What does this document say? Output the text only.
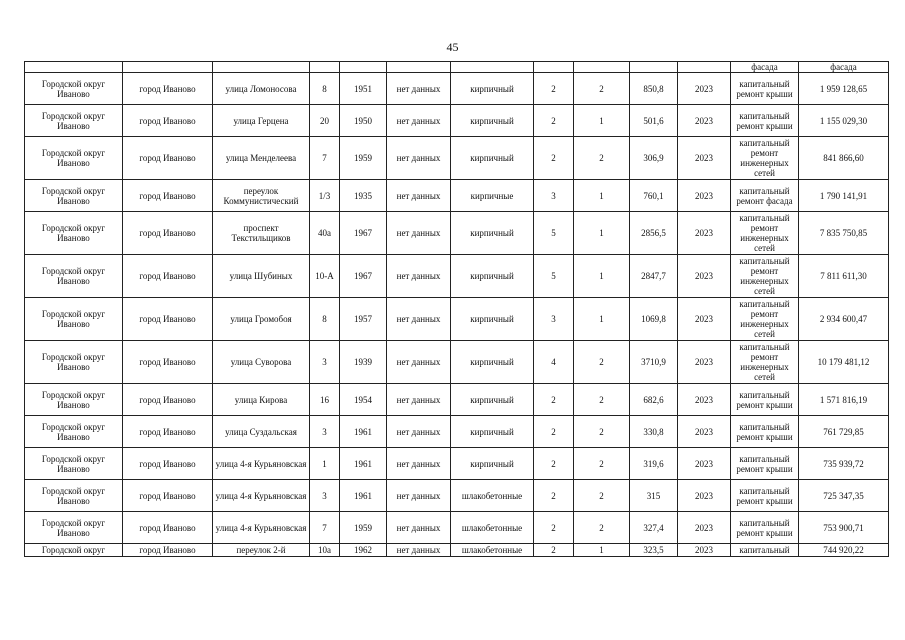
45
											фасада	фасада
Городской округ Иваново	город Иваново	улица Ломоносова	8	1951	нет данных	кирпичный	2	2	850,8	2023	капитальный ремонт крыши	1 959 128,65
Городской округ Иваново	город Иваново	улица Герцена	20	1950	нет данных	кирпичный	2	1	501,6	2023	капитальный ремонт крыши	1 155 029,30
Городской округ Иваново	город Иваново	улица Менделеева	7	1959	нет данных	кирпичный	2	2	306,9	2023	капитальный ремонт инженерных сетей	841 866,60
Городской округ Иваново	город Иваново	переулок Коммунистический	1/3	1935	нет данных	кирпичные	3	1	760,1	2023	капитальный ремонт фасада	1 790 141,91
Городской округ Иваново	город Иваново	проспект Текстильщиков	40а	1967	нет данных	кирпичный	5	1	2856,5	2023	капитальный ремонт инженерных сетей	7 835 750,85
Городской округ Иваново	город Иваново	улица Шубиных	10-А	1967	нет данных	кирпичный	5	1	2847,7	2023	капитальный ремонт инженерных сетей	7 811 611,30
Городской округ Иваново	город Иваново	улица Громобоя	8	1957	нет данных	кирпичный	3	1	1069,8	2023	капитальный ремонт инженерных сетей	2 934 600,47
Городской округ Иваново	город Иваново	улица Суворова	3	1939	нет данных	кирпичный	4	2	3710,9	2023	капитальный ремонт инженерных сетей	10 179 481,12
Городской округ Иваново	город Иваново	улица Кирова	16	1954	нет данных	кирпичный	2	2	682,6	2023	капитальный ремонт крыши	1 571 816,19
Городской округ Иваново	город Иваново	улица Суздальская	3	1961	нет данных	кирпичный	2	2	330,8	2023	капитальный ремонт крыши	761 729,85
Городской округ Иваново	город Иваново	улица 4-я Курьяновская	1	1961	нет данных	кирпичный	2	2	319,6	2023	капитальный ремонт крыши	735 939,72
Городской округ Иваново	город Иваново	улица 4-я Курьяновская	3	1961	нет данных	шлакобетонные	2	2	315	2023	капитальный ремонт крыши	725 347,35
Городской округ Иваново	город Иваново	улица 4-я Курьяновская	7	1959	нет данных	шлакобетонные	2	2	327,4	2023	капитальный ремонт крыши	753 900,71
Городской округ	город Иваново	переулок 2-й	10а	1962	нет данных	шлакобетонные	2	1	323,5	2023	капитальный	744 920,22
